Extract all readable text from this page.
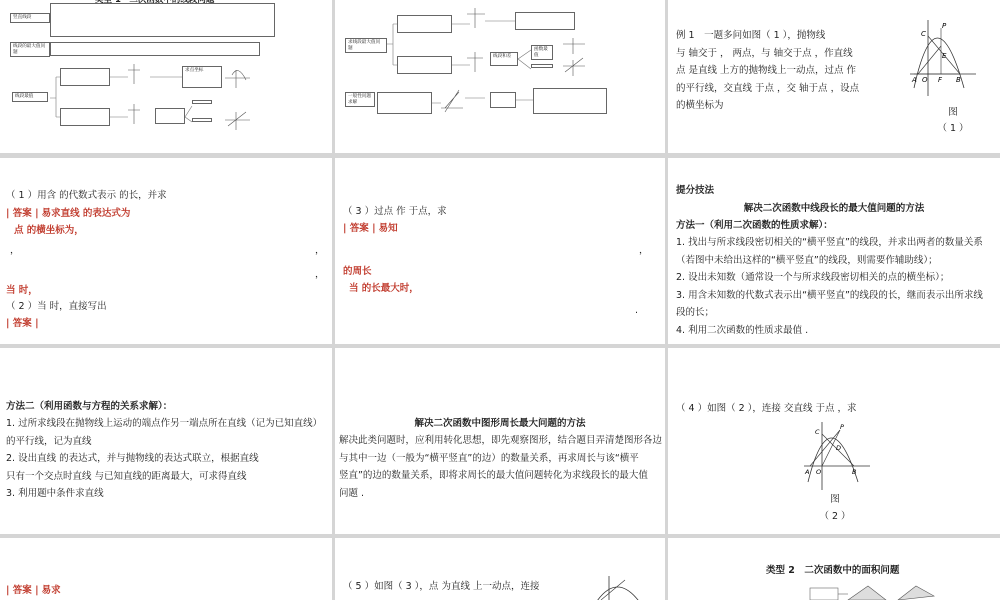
竖直线段
线段的最大值问题
线段最值
求点坐标
求线段最大值问题
线段和差
函数最值
一般性问题求解
例 1　一题多问如图（ 1 ），抛物线
与 轴交于 ， 两点，与 轴交于点 ，作直线
点 是直线 上方的抛物线上一动点，过点 作
的平行线，交直线 于点 ，交 轴于点 ，设点
的横坐标为
C
P
E
A O F B
图
（ 1 ）
（ 1 ）用含 的代数式表示 的长，并求
| 答案 | 易求直线 的表达式为
点 的横坐标为，
，	，
，
当 时，
（ 2 ）当 时，直接写出
| 答案 |
（ 3 ）过点 作 于点，求
| 答案 | 易知
，
的周长
当 的长最大时，
.
提分技法
解决二次函数中线段长的最大值问题的方法
方法一（利用二次函数的性质求解）：
1. 找出与所求线段密切相关的“横平竖直”的线段，并求出两者的数量关系
（若图中未给出这样的“横平竖直”的线段，则需要作辅助线）；
2. 设出未知数（通常设一个与所求线段密切相关的点的横坐标）；
3. 用含未知数的代数式表示出“横平竖直”的线段的长，继而表示出所求线
段的长；
4. 利用二次函数的性质求最值 .
方法二（利用函数与方程的关系求解）：
1. 过所求线段在抛物线上运动的端点作另一端点所在直线（记为已知直线）
的平行线，记为直线
2. 设出直线 的表达式，并与抛物线的表达式联立，根据直线
只有一个交点时直线 与已知直线的距离最大，可求得直线
3. 利用题中条件求直线
解决二次函数中图形周长最大问题的方法
解决此类问题时，应利用转化思想，即先观察图形，结合题目弄清楚图形各边
与其中一边（一般为“横平竖直”的边）的数量关系，再求周长与该“横平
竖直”的边的数量关系，即将求周长的最大值问题转化为求线段长的最大值
问题 .
（ 4 ）如图（ 2 ），连接 交直线 于点 ，求
C
P
D
A O	B
图
（ 2 ）
| 答案 | 易求	（ 5 ）如图（ 3 ），点 为直线 上一动点，连接
类型 2　二次函数中的面积问题
